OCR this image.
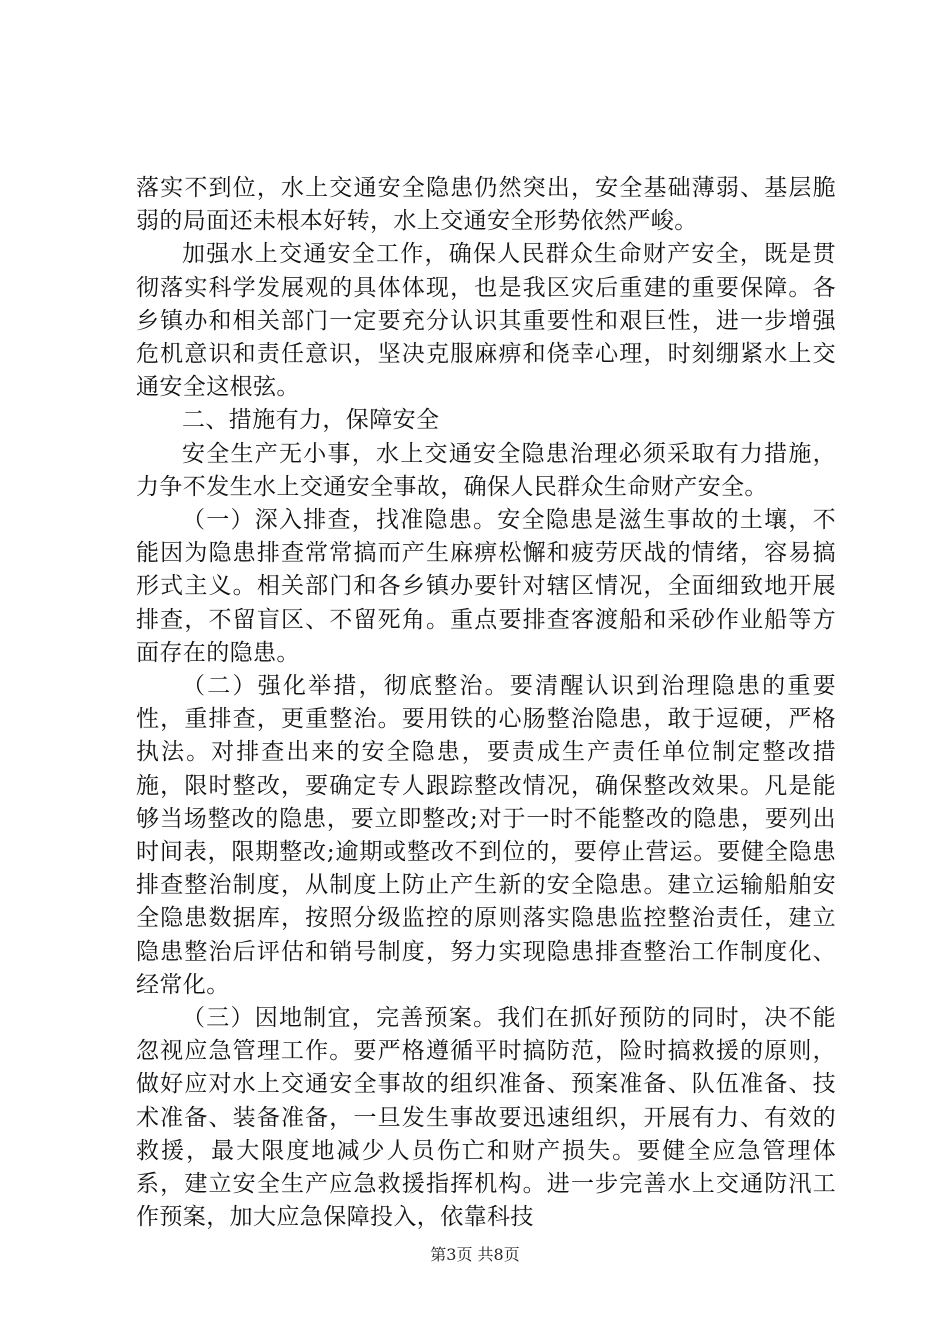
落实不到位，水上交通安全隐患仍然突出，安全基础薄弱、基层脆弱的局面还未根本好转，水上交通安全形势依然严峻。

加强水上交通安全工作，确保人民群众生命财产安全，既是贯彻落实科学发展观的具体体现，也是我区灾后重建的重要保障。各乡镇办和相关部门一定要充分认识其重要性和艰巨性，进一步增强危机意识和责任意识，坚决克服麻痹和侥幸心理，时刻绷紧水上交通安全这根弦。

二、措施有力，保障安全

安全生产无小事，水上交通安全隐患治理必须采取有力措施，力争不发生水上交通安全事故，确保人民群众生命财产安全。

（一）深入排查，找准隐患。安全隐患是滋生事故的土壤，不能因为隐患排查常常搞而产生麻痹松懈和疲劳厌战的情绪，容易搞形式主义。相关部门和各乡镇办要针对辖区情况，全面细致地开展排查，不留盲区、不留死角。重点要排查客渡船和采砂作业船等方面存在的隐患。

（二）强化举措，彻底整治。要清醒认识到治理隐患的重要性，重排查，更重整治。要用铁的心肠整治隐患，敢于逗硬，严格执法。对排查出来的安全隐患，要责成生产责任单位制定整改措施，限时整改，要确定专人跟踪整改情况，确保整改效果。凡是能够当场整改的隐患，要立即整改;对于一时不能整改的隐患，要列出时间表，限期整改;逾期或整改不到位的，要停止营运。要健全隐患排查整治制度，从制度上防止产生新的安全隐患。建立运输船舶安全隐患数据库，按照分级监控的原则落实隐患监控整治责任，建立隐患整治后评估和销号制度，努力实现隐患排查整治工作制度化、经常化。

（三）因地制宜，完善预案。我们在抓好预防的同时，决不能忽视应急管理工作。要严格遵循平时搞防范，险时搞救援的原则，做好应对水上交通安全事故的组织准备、预案准备、队伍准备、技术准备、装备准备，一旦发生事故要迅速组织，开展有力、有效的救援，最大限度地减少人员伤亡和财产损失。要健全应急管理体系，建立安全生产应急救援指挥机构。进一步完善水上交通防汛工作预案，加大应急保障投入，依靠科技

第3页 共8页
